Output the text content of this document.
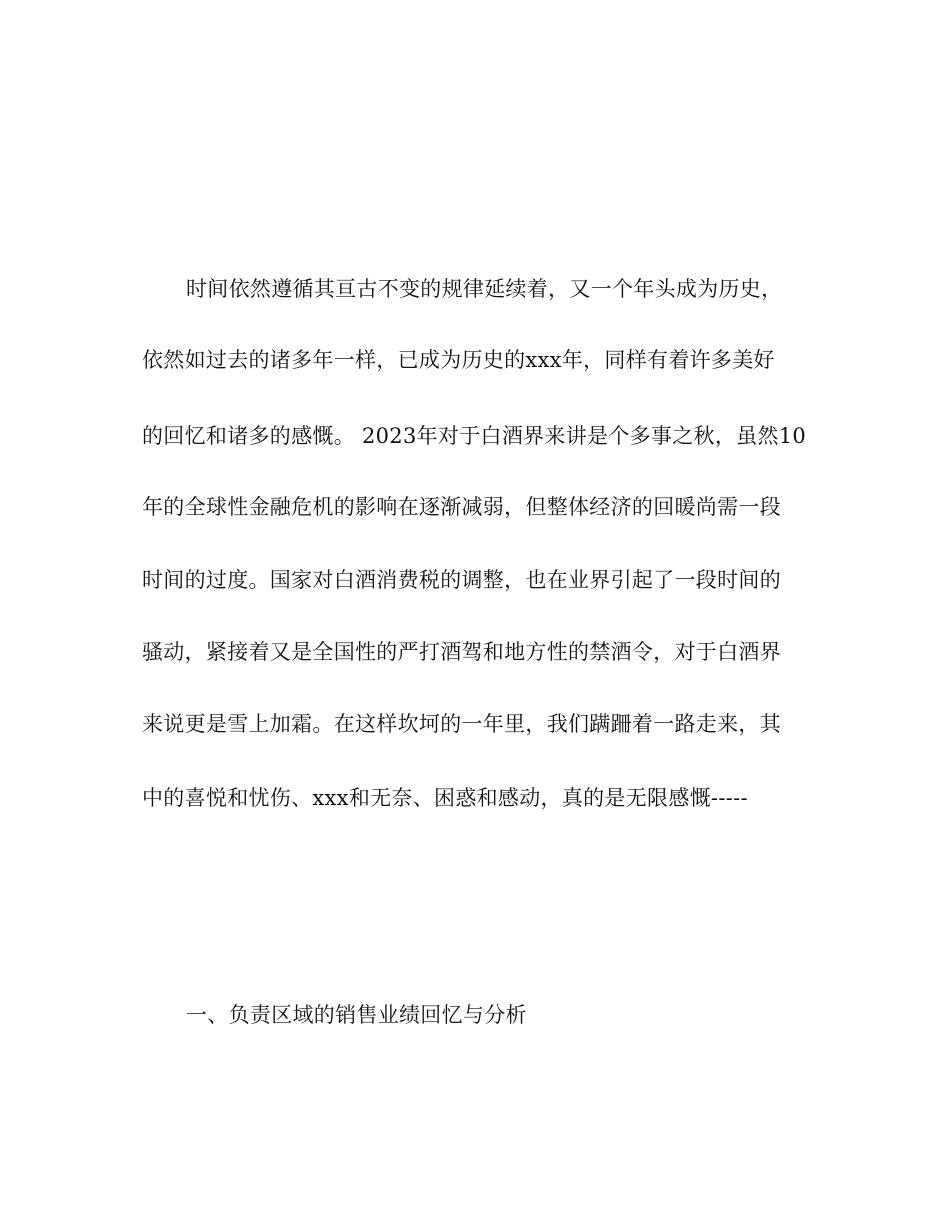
时间依然遵循其亘古不变的规律延续着，又一个年头成为历史，
依然如过去的诸多年一样，已成为历史的xxx年，同样有着许多美好
的回忆和诸多的感慨。 2023年对于白酒界来讲是个多事之秋，虽然10
年的全球性金融危机的影响在逐渐减弱，但整体经济的回暖尚需一段
时间的过度。国家对白酒消费税的调整，也在业界引起了一段时间的
骚动，紧接着又是全国性的严打酒驾和地方性的禁酒令，对于白酒界
来说更是雪上加霜。在这样坎坷的一年里，我们蹒跚着一路走来，其
中的喜悦和忧伤、xxx和无奈、困惑和感动，真的是无限感慨-----
一、负责区域的销售业绩回忆与分析
